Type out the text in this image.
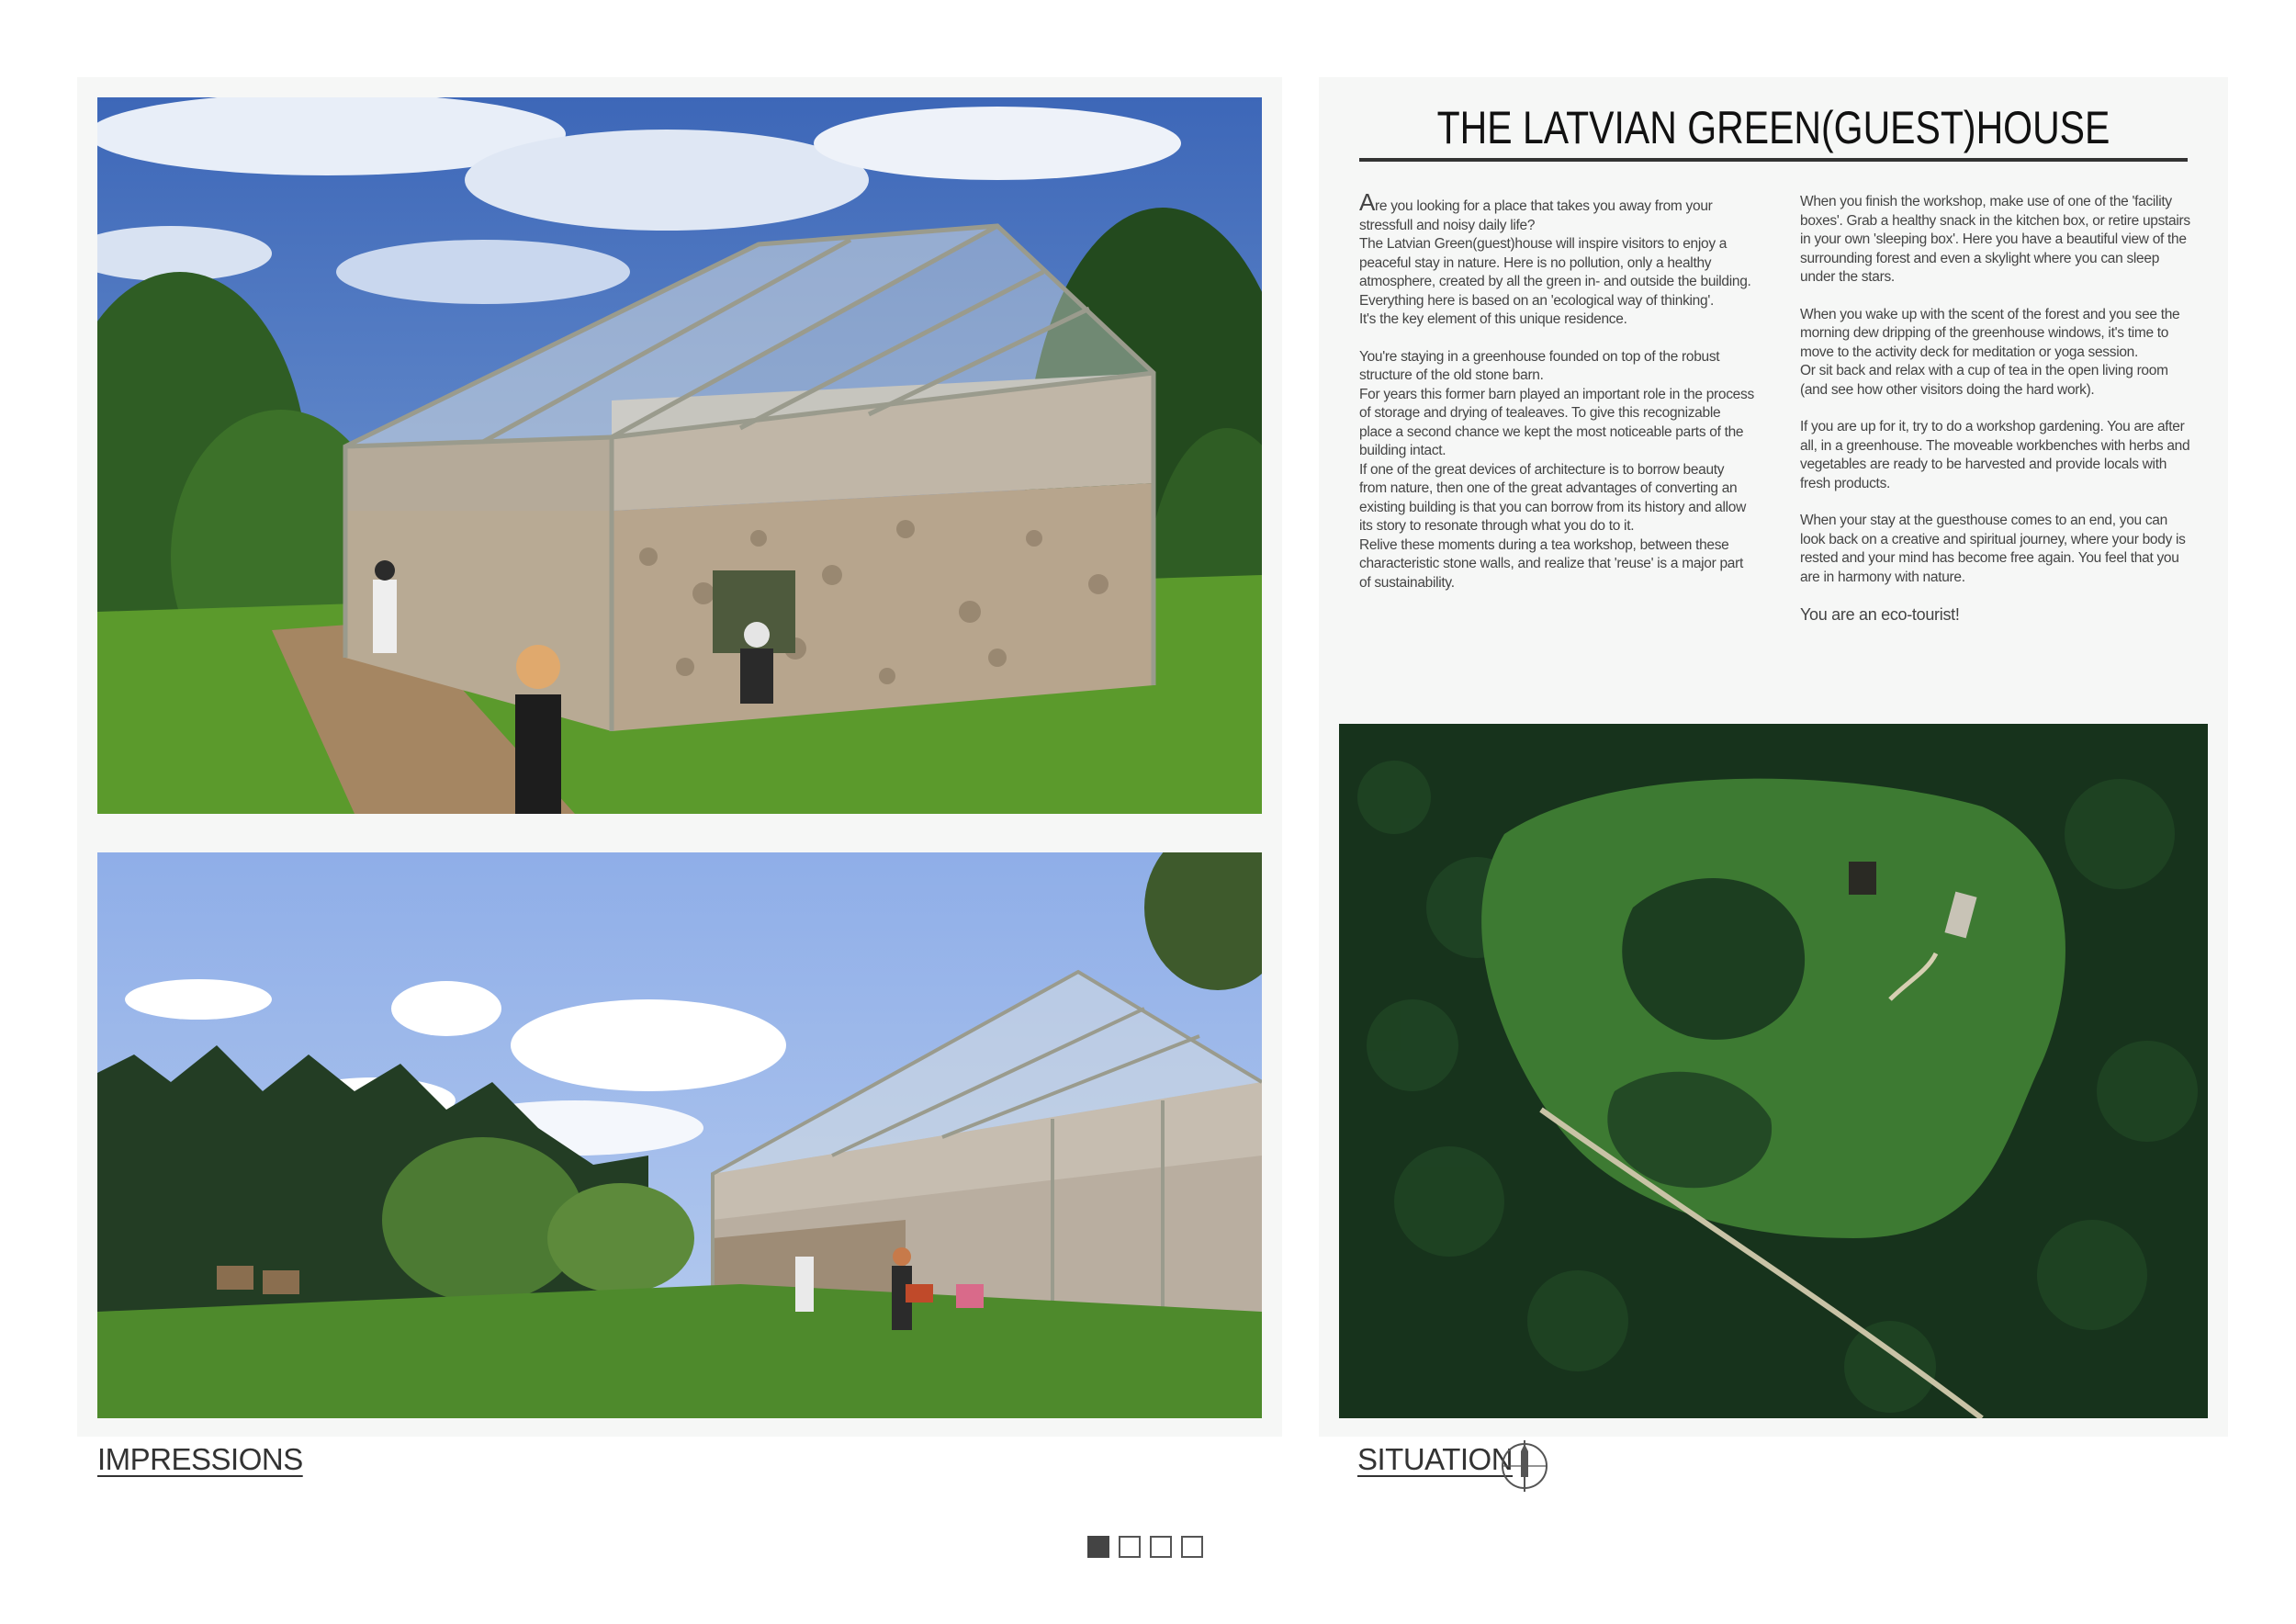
IMPRESSIONS
THE LATVIAN GREEN(GUEST)HOUSE

Are you looking for a place that takes you away from your stressfull and noisy daily life?
The Latvian Green(guest)house will inspire visitors to enjoy a peaceful stay in nature. Here is no pollution, only a healthy atmosphere, created by all the green in- and outside the building. Everything here is based on an 'ecological way of thinking'.
It's the key element of this unique residence.

You're staying in a greenhouse founded on top of the robust structure of the old stone barn.
For years this former barn played an important role in the process of storage and drying of tealeaves. To give this recognizable place a second chance we kept the most noticeable parts of the building intact.
If one of the great devices of architecture is to borrow beauty from nature, then one of the great advantages of converting an existing building is that you can borrow from its history and allow its story to resonate through what you do to it.
Relive these moments during a tea workshop, between these characteristic stone walls, and realize that 'reuse' is a major part of sustainability.

When you finish the workshop, make use of one of the 'facility boxes'. Grab a healthy snack in the kitchen box, or retire upstairs in your own 'sleeping box'. Here you have a beautiful view of the surrounding forest and even a skylight where you can sleep under the stars.

When you wake up with the scent of the forest and you see the morning dew dripping of the greenhouse windows, it's time to move to the activity deck for meditation or yoga session.
Or sit back and relax with a cup of tea in the open living room (and see how other visitors doing the hard work).

If you are up for it, try to do a workshop gardening. You are after all, in a greenhouse. The moveable workbenches with herbs and vegetables are ready to be harvested and provide locals with fresh products.

When your stay at the guesthouse comes to an end, you can look back on a creative and spiritual journey, where your body is rested and your mind has become free again. You feel that you are in harmony with nature.

You are an eco-tourist!

SITUATION
